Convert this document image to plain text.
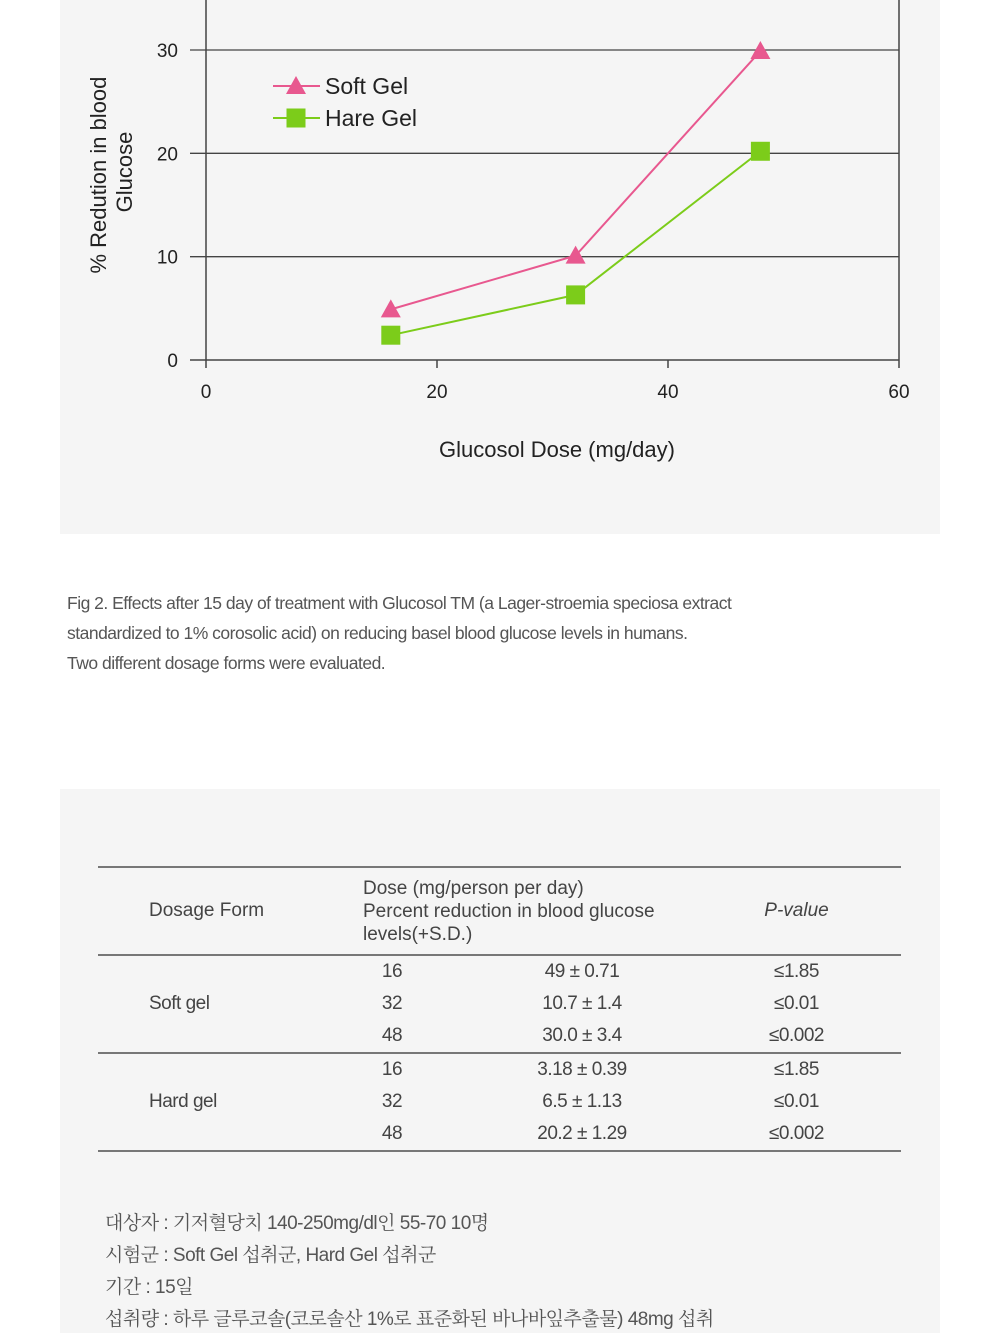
0
10
20
30
0	20	40	60
Soft Gel
Hare Gel
Glucosol Dose (mg/day)
% Redution in blood Glucose
Fig 2. Effects after 15 day of treatment with Glucosol TM (a Lager-stroemia speciosa extract
standardized to 1% corosolic acid) on reducing basel blood glucose levels in humans.
Two different dosage forms were evaluated.
Dosage Form	Dose (mg/person per day)
Percent reduction in blood glucose levels(+S.D.)		P-value
Soft gel	16	49 ± 0.71	≤1.85
	32	10.7 ± 1.4	≤0.01
	48	30.0 ± 3.4	≤0.002
Hard gel	16	3.18 ± 0.39	≤1.85
	32	6.5 ± 1.13	≤0.01
	48	20.2 ± 1.29	≤0.002
대상자 : 기저혈당치 140-250mg/dl인 55-70 10명
시험군 : Soft Gel 섭취군, Hard Gel 섭취군
기간 : 15일
섭취량 : 하루 글루코솔(코로솔산 1%로 표준화된 바나바잎추출물) 48mg 섭취
